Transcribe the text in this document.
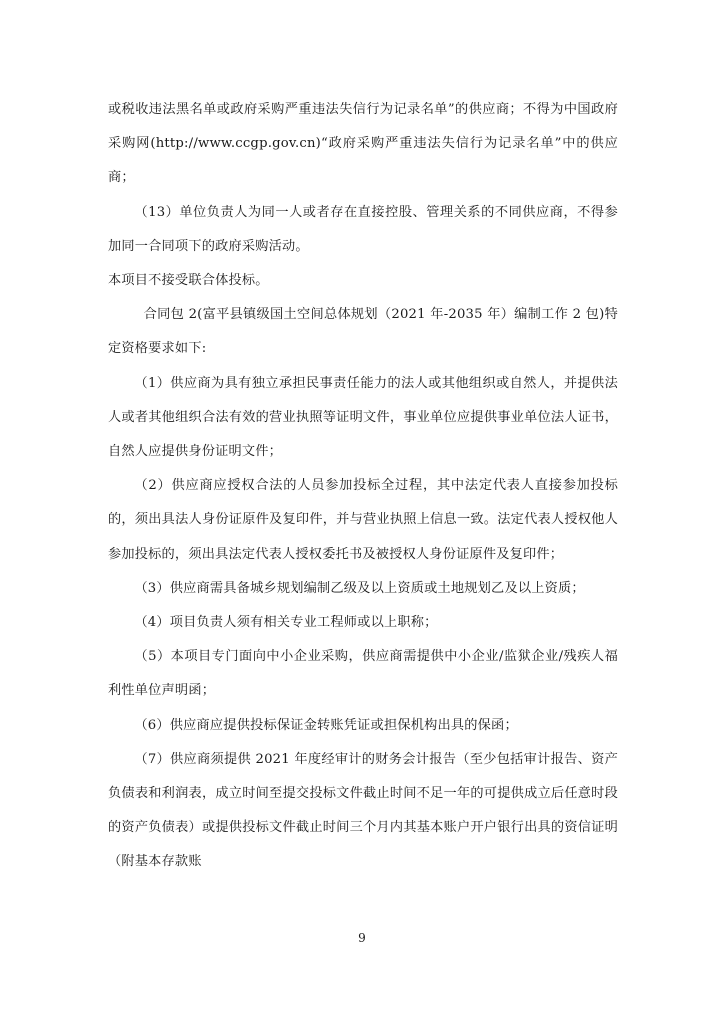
或税收违法黑名单或政府采购严重违法失信行为记录名单”的供应商；不得为中国政府采购网(http://www.ccgp.gov.cn)“政府采购严重违法失信行为记录名单”中的供应商；

（13）单位负责人为同一人或者存在直接控股、管理关系的不同供应商，不得参加同一合同项下的政府采购活动。

本项目不接受联合体投标。

合同包 2(富平县镇级国土空间总体规划（2021 年-2035 年）编制工作 2 包)特定资格要求如下:

（1）供应商为具有独立承担民事责任能力的法人或其他组织或自然人，并提供法人或者其他组织合法有效的营业执照等证明文件，事业单位应提供事业单位法人证书，自然人应提供身份证明文件；

（2）供应商应授权合法的人员参加投标全过程，其中法定代表人直接参加投标的，须出具法人身份证原件及复印件，并与营业执照上信息一致。法定代表人授权他人参加投标的，须出具法定代表人授权委托书及被授权人身份证原件及复印件；

（3）供应商需具备城乡规划编制乙级及以上资质或土地规划乙及以上资质；

（4）项目负责人须有相关专业工程师或以上职称；

（5）本项目专门面向中小企业采购，供应商需提供中小企业/监狱企业/残疾人福利性单位声明函；

（6）供应商应提供投标保证金转账凭证或担保机构出具的保函；

（7）供应商须提供 2021 年度经审计的财务会计报告（至少包括审计报告、资产负债表和利润表，成立时间至提交投标文件截止时间不足一年的可提供成立后任意时段的资产负债表）或提供投标文件截止时间三个月内其基本账户开户银行出具的资信证明（附基本存款账

9
